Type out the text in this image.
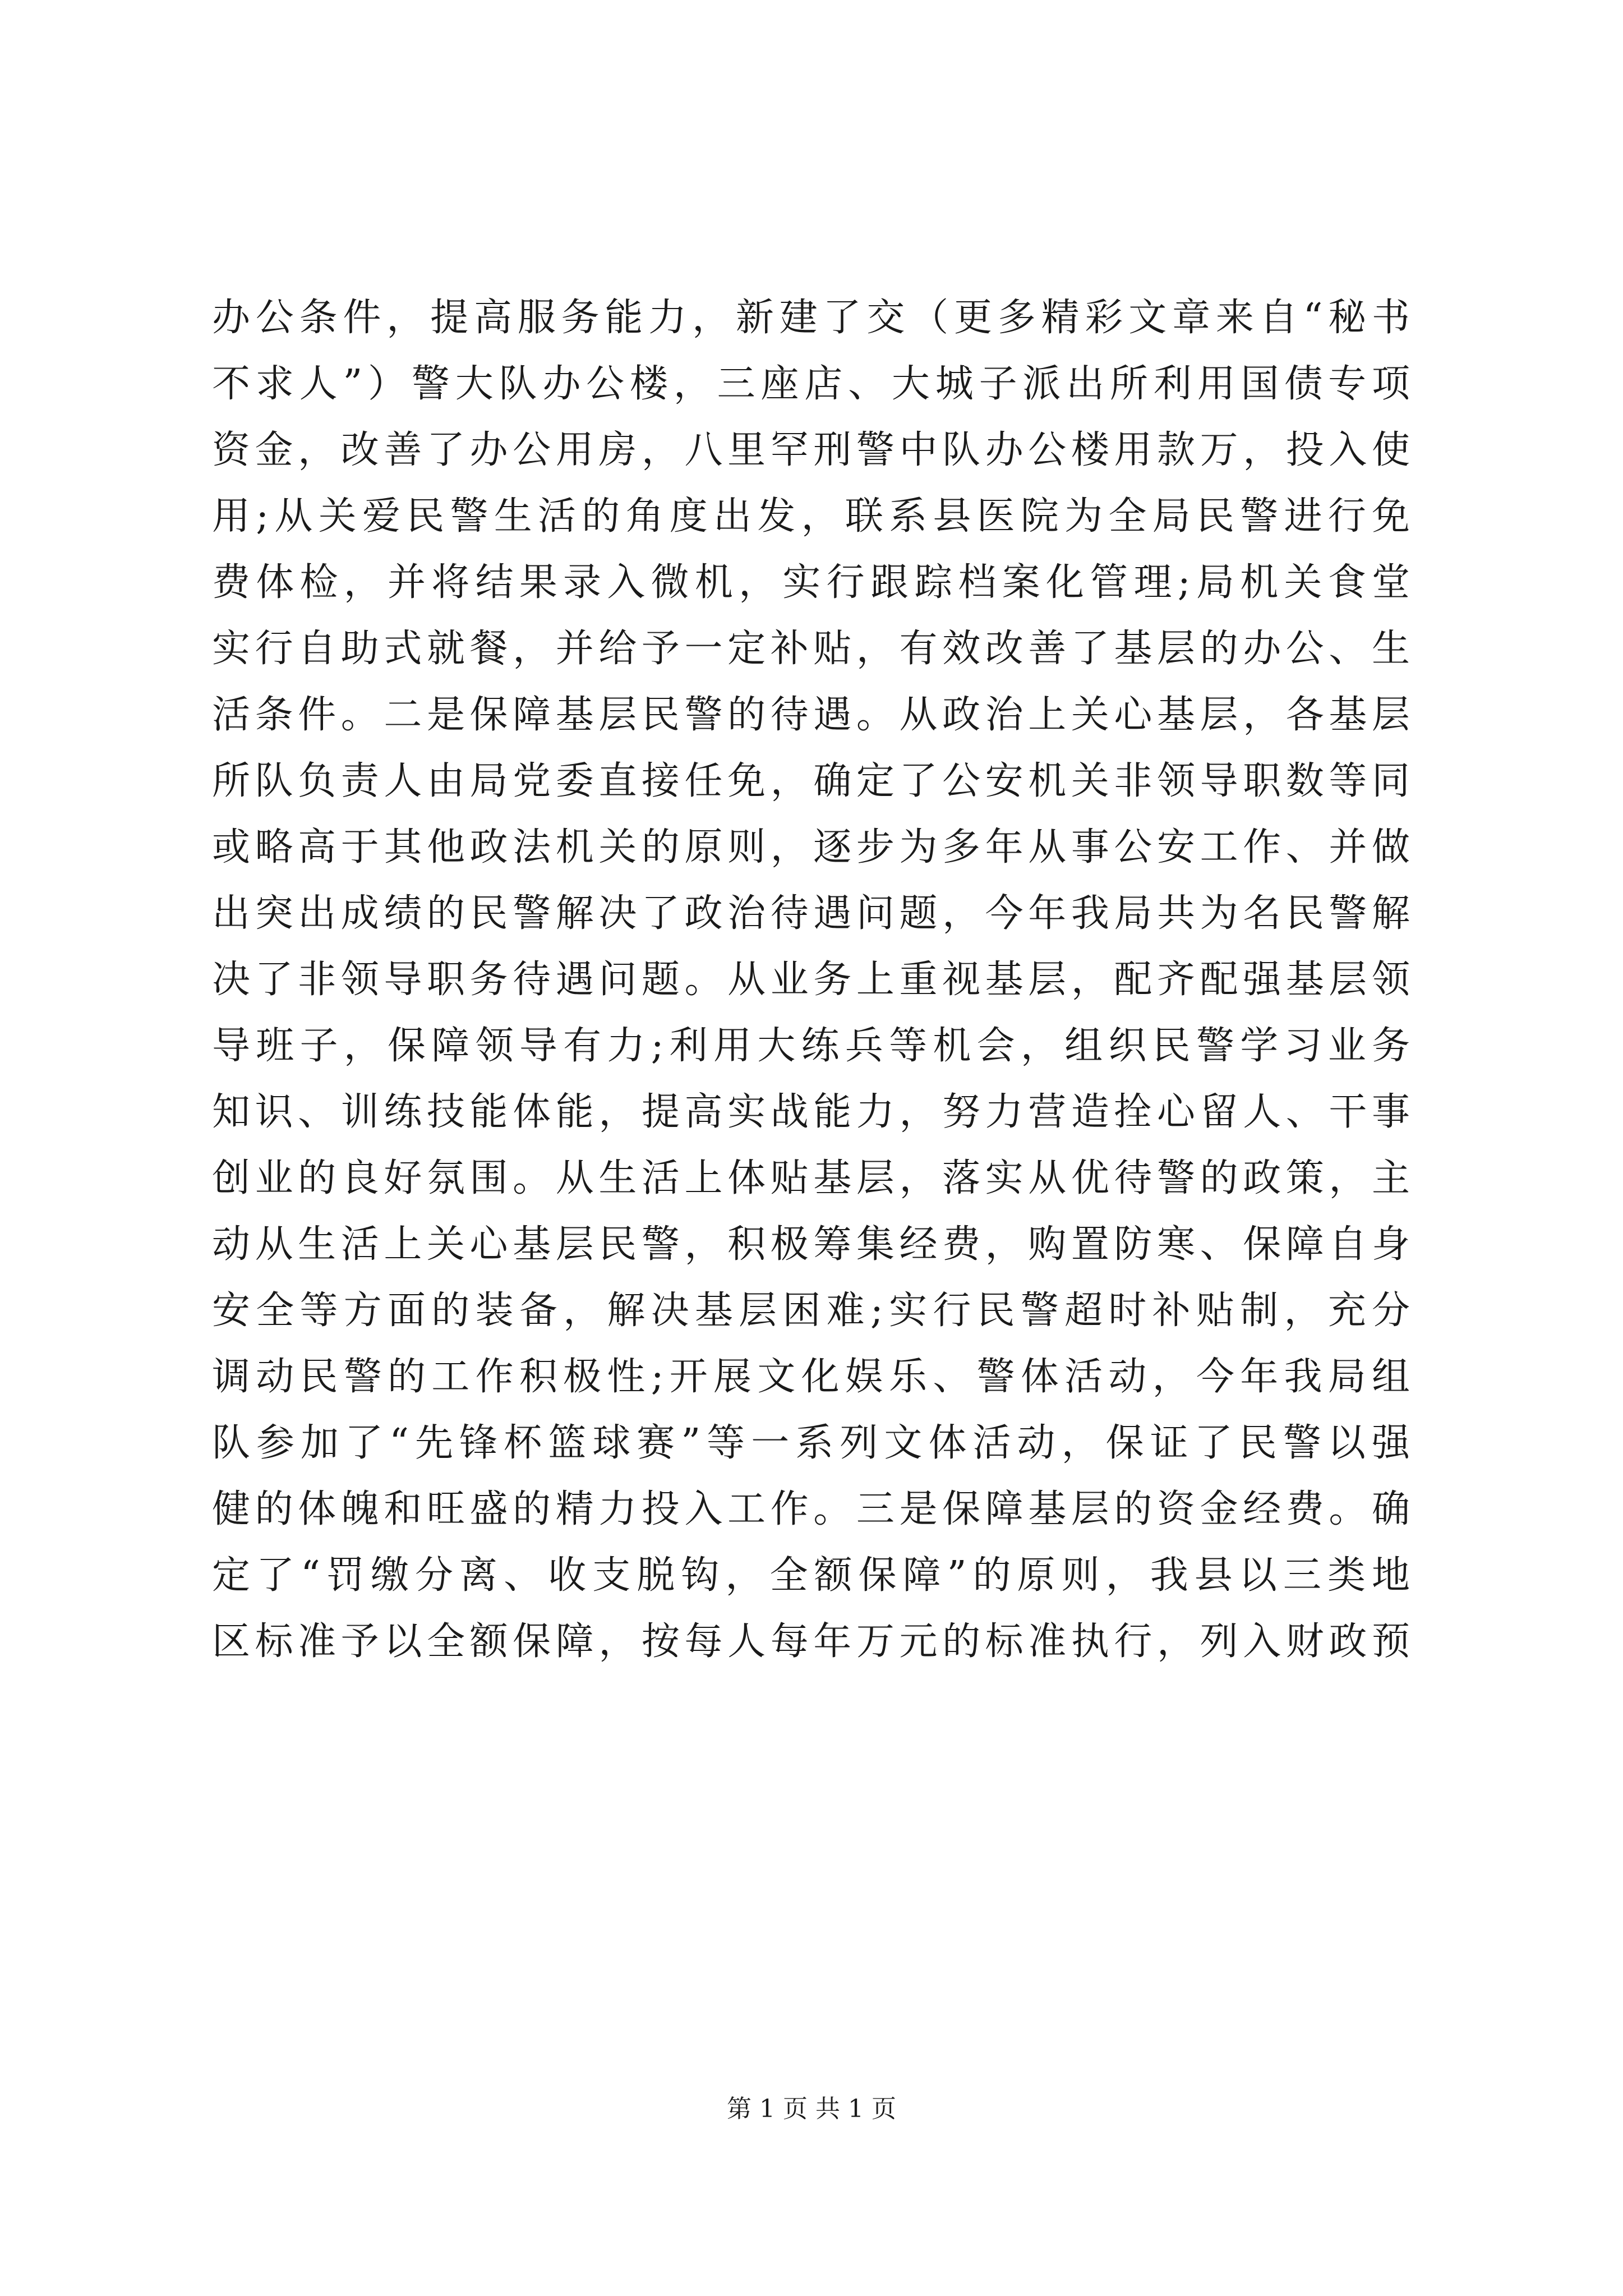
办公条件，提高服务能力，新建了交（更多精彩文章来自“秘书
不求人”）警大队办公楼，三座店、大城子派出所利用国债专项
资金，改善了办公用房，八里罕刑警中队办公楼用款万，投入使
用;从关爱民警生活的角度出发，联系县医院为全局民警进行免
费体检，并将结果录入微机，实行跟踪档案化管理;局机关食堂
实行自助式就餐，并给予一定补贴，有效改善了基层的办公、生
活条件。二是保障基层民警的待遇。从政治上关心基层，各基层
所队负责人由局党委直接任免，确定了公安机关非领导职数等同
或略高于其他政法机关的原则，逐步为多年从事公安工作、并做
出突出成绩的民警解决了政治待遇问题，今年我局共为名民警解
决了非领导职务待遇问题。从业务上重视基层，配齐配强基层领
导班子，保障领导有力;利用大练兵等机会，组织民警学习业务
知识、训练技能体能，提高实战能力，努力营造拴心留人、干事
创业的良好氛围。从生活上体贴基层，落实从优待警的政策，主
动从生活上关心基层民警，积极筹集经费，购置防寒、保障自身
安全等方面的装备，解决基层困难;实行民警超时补贴制，充分
调动民警的工作积极性;开展文化娱乐、警体活动，今年我局组
队参加了“先锋杯篮球赛”等一系列文体活动，保证了民警以强
健的体魄和旺盛的精力投入工作。三是保障基层的资金经费。确
定了“罚缴分离、收支脱钩，全额保障”的原则，我县以三类地
区标准予以全额保障，按每人每年万元的标准执行，列入财政预
第 1 页 共 1 页
